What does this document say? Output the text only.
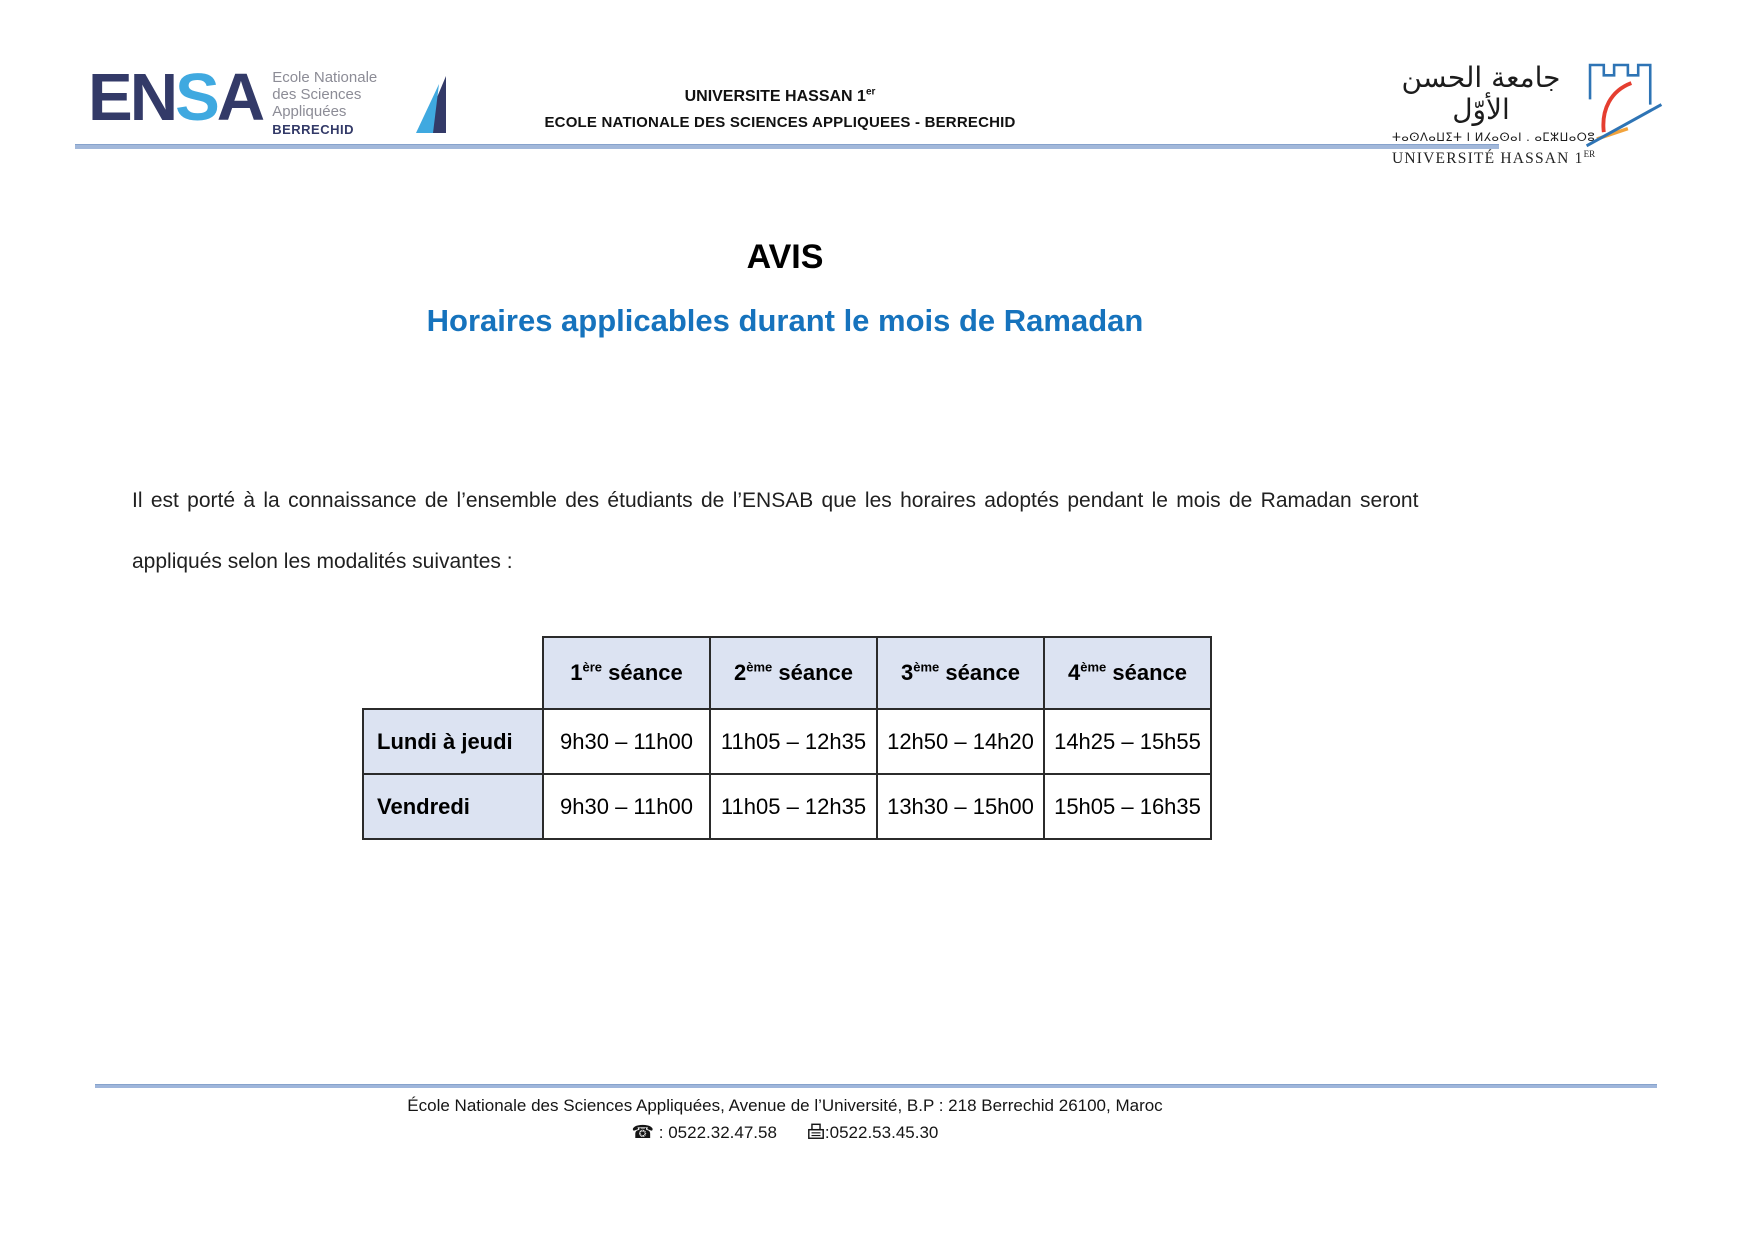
ENSA Ecole Nationale
des Sciences
Appliquées
BERRECHID
UNIVERSITE HASSAN 1er
ECOLE NATIONALE DES SCIENCES APPLIQUEES - BERRECHID
جامعة الحسن الأوّل
ⵜⴰⵙⴷⴰⵡⵉⵜ ⵏ ⵍⵃⴰⵙⴰⵏ . ⴰⵎⵣⵡⴰⵔⵓ
UNIVERSITÉ HASSAN 1ER
AVIS
Horaires applicables durant le mois de Ramadan
Il est porté à la connaissance de l’ensemble des étudiants de l’ENSAB que les horaires adoptés pendant le mois de Ramadan seront
appliqués selon les modalités suivantes :
	1ère séance	2ème séance	3ème séance	4ème séance
Lundi à jeudi	9h30 – 11h00	11h05 – 12h35	12h50 – 14h20	14h25 – 15h55
Vendredi	9h30 – 11h00	11h05 – 12h35	13h30 – 15h00	15h05 – 16h35
École Nationale des Sciences Appliquées, Avenue de l’Université, B.P : 218 Berrechid 26100, Maroc
☎ : 0522.32.47.58	:0522.53.45.30
